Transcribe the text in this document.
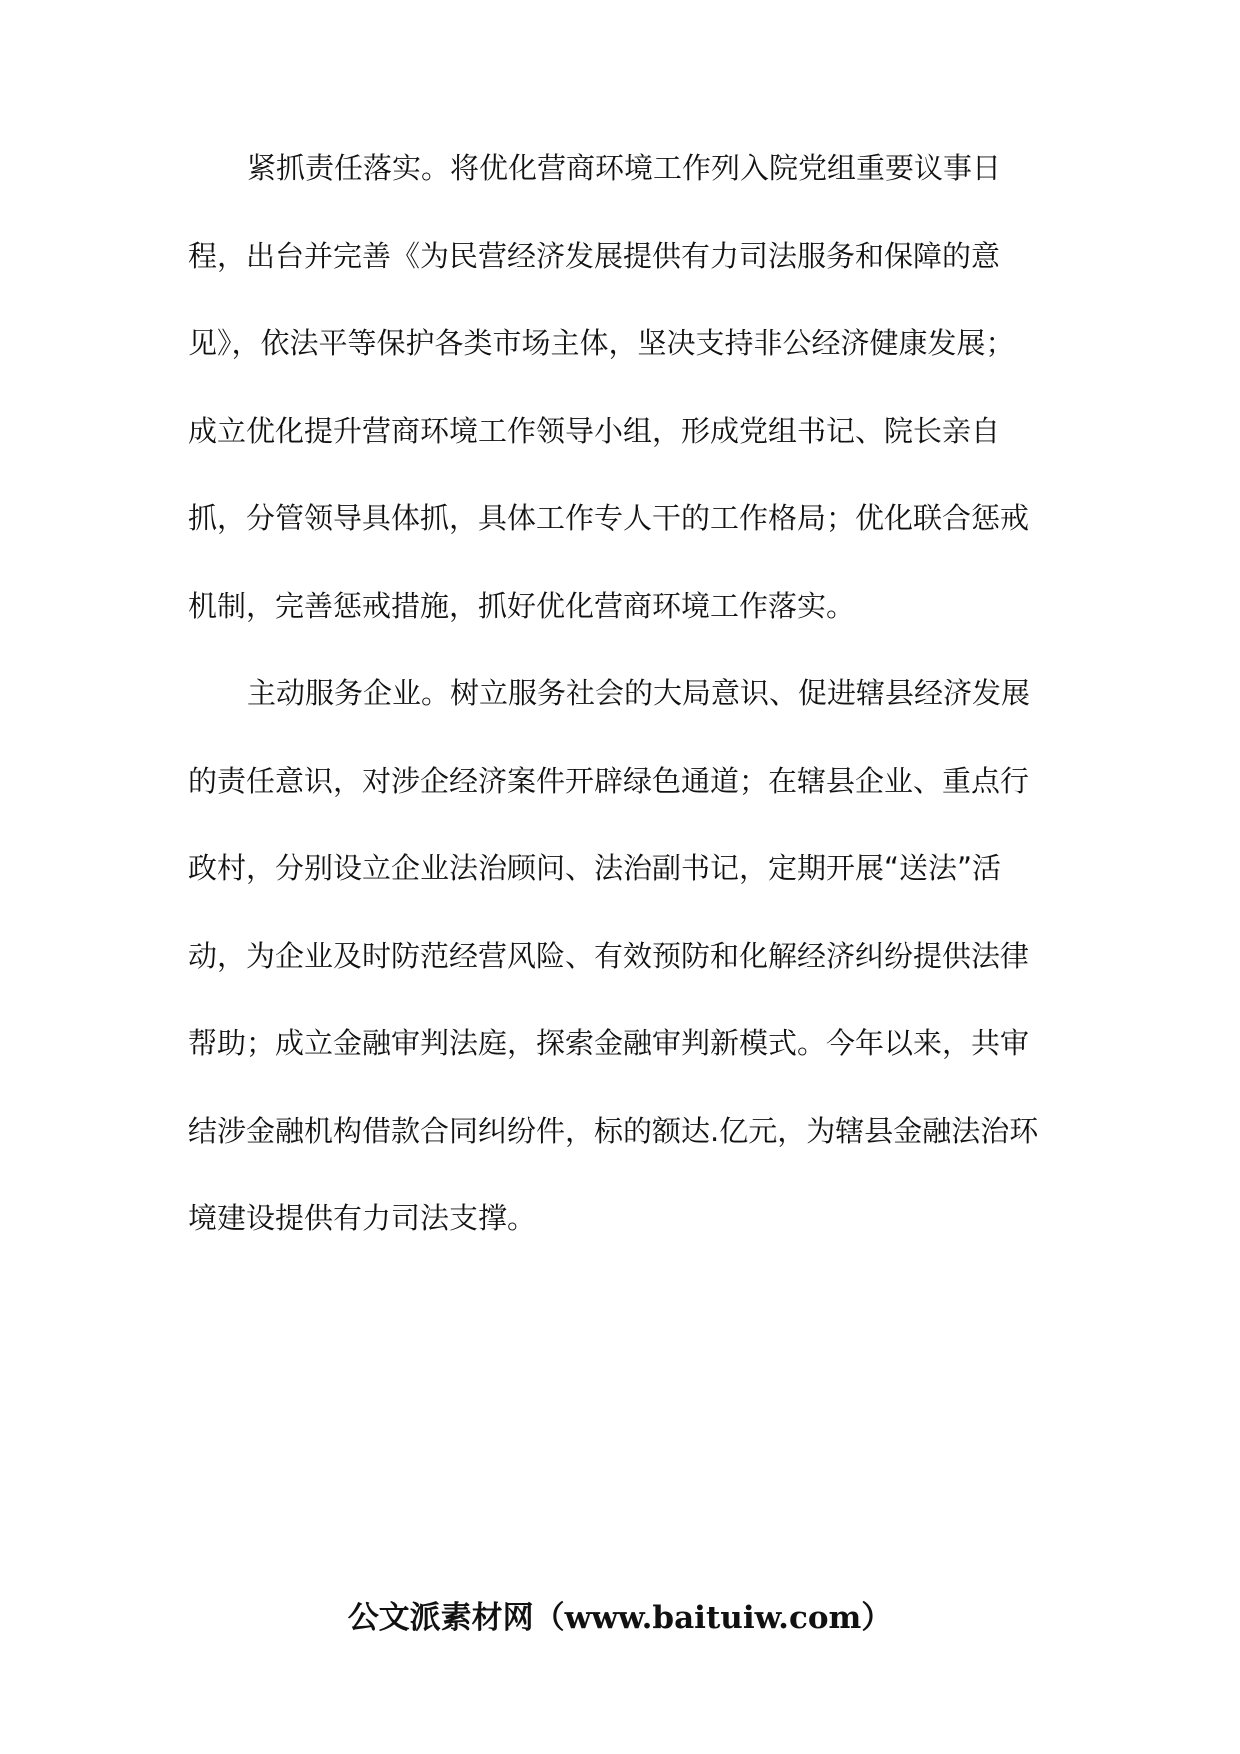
紧抓责任落实。将优化营商环境工作列入院党组重要议事日
程，出台并完善《为民营经济发展提供有力司法服务和保障的意
见》，依法平等保护各类市场主体，坚决支持非公经济健康发展；
成立优化提升营商环境工作领导小组，形成党组书记、院长亲自
抓，分管领导具体抓，具体工作专人干的工作格局；优化联合惩戒
机制，完善惩戒措施，抓好优化营商环境工作落实。
主动服务企业。树立服务社会的大局意识、促进辖县经济发展
的责任意识，对涉企经济案件开辟绿色通道；在辖县企业、重点行
政村，分别设立企业法治顾问、法治副书记，定期开展“送法”活
动，为企业及时防范经营风险、有效预防和化解经济纠纷提供法律
帮助；成立金融审判法庭，探索金融审判新模式。今年以来，共审
结涉金融机构借款合同纠纷件，标的额达.亿元，为辖县金融法治环
境建设提供有力司法支撑。
公文派素材网（www.baituiw.com）
